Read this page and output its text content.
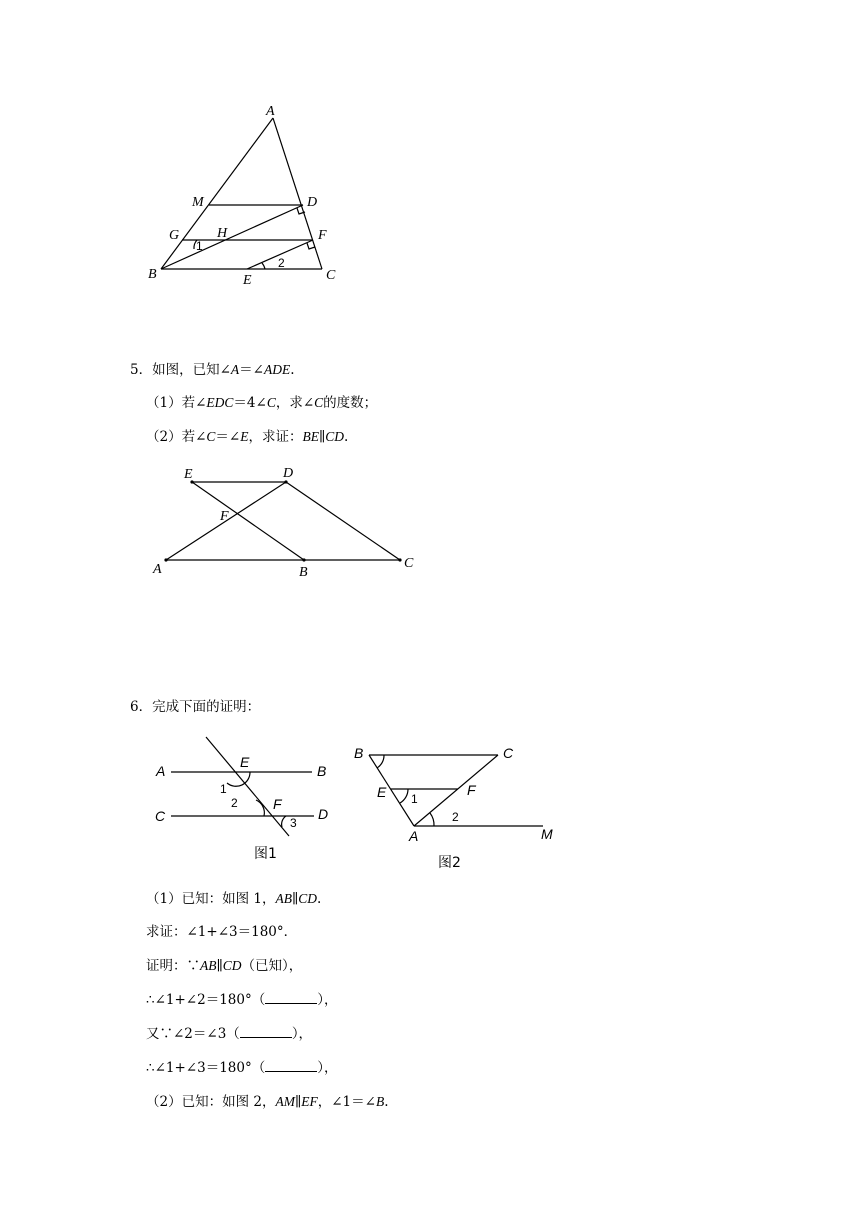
A
M	D
G	H	F
B	E	C
1
2
E	D
F
A	B
C
A
E
B
1
2	F
C	D
3
图1
B	C
E 1
F
2
A	M
图2
5．如图，已知∠A＝∠ADE.
（1）若∠EDC＝4∠C，求∠C的度数；
（2）若∠C＝∠E，求证：BE∥CD.
6．完成下面的证明：
（1）已知：如图 1，AB∥CD.
求证：∠1+∠3＝180°．
证明：∵AB∥CD（已知），
∴∠1+∠2＝180°（	），
又∵∠2＝∠3（	），
∴∠1+∠3＝180°（	），
（2）已知：如图 2，AM∥EF，∠1＝∠B.
